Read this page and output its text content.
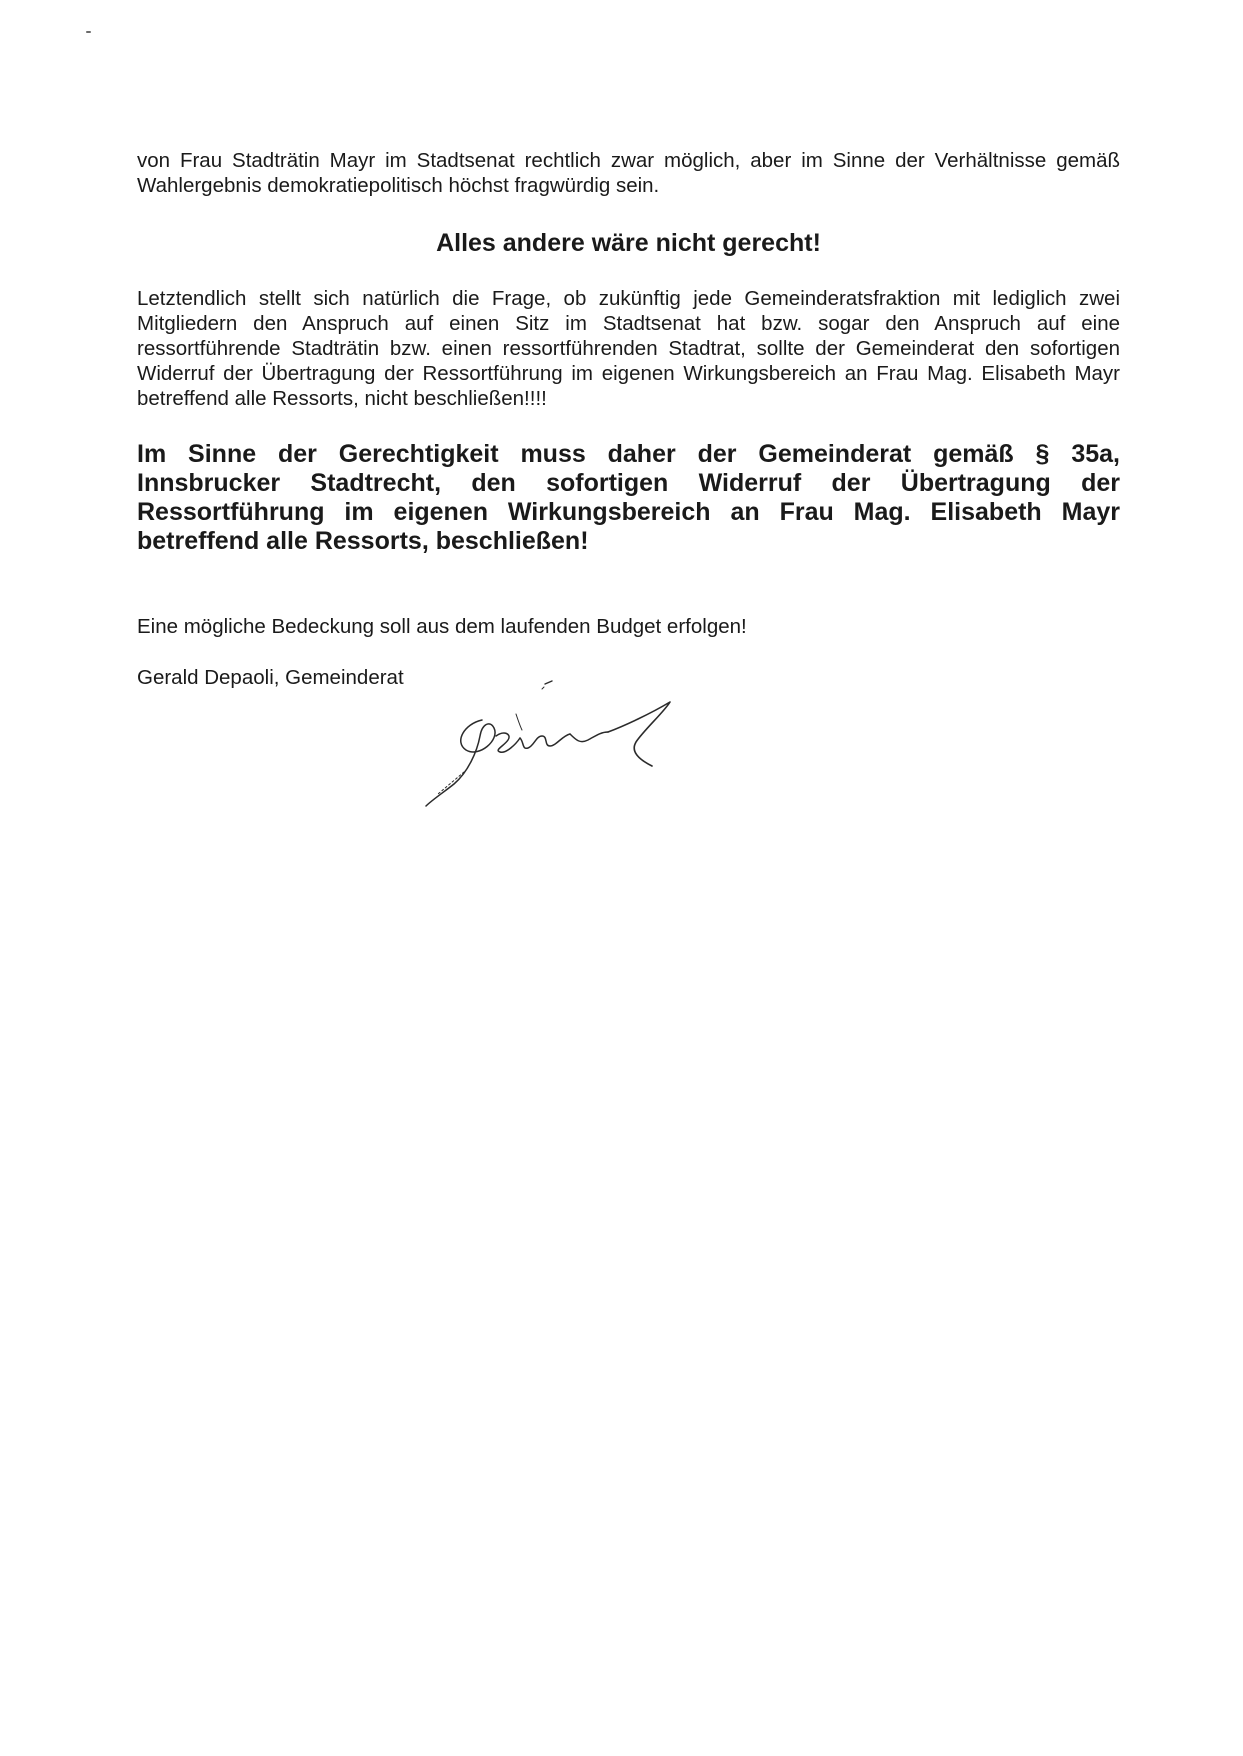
von Frau Stadträtin Mayr im Stadtsenat rechtlich zwar möglich, aber im Sinne der Verhältnisse gemäß Wahlergebnis demokratiepolitisch höchst fragwürdig sein.

Alles andere wäre nicht gerecht!

Letztendlich stellt sich natürlich die Frage, ob zukünftig jede Gemeinderatsfraktion mit lediglich zwei Mitgliedern den Anspruch auf einen Sitz im Stadtsenat hat bzw. sogar den Anspruch auf eine ressortführende Stadträtin bzw. einen ressortführenden Stadtrat, sollte der Gemeinderat den sofortigen Widerruf der Übertragung der Ressortführung im eigenen Wirkungsbereich an Frau Mag. Elisabeth Mayr betreffend alle Ressorts, nicht beschließen!!!!

Im Sinne der Gerechtigkeit muss daher der Gemeinderat gemäß § 35a, Innsbrucker Stadtrecht, den sofortigen Widerruf der Übertragung der Ressortführung im eigenen Wirkungsbereich an Frau Mag. Elisabeth Mayr betreffend alle Ressorts, beschließen!

Eine mögliche Bedeckung soll aus dem laufenden Budget erfolgen!

Gerald Depaoli, Gemeinderat
